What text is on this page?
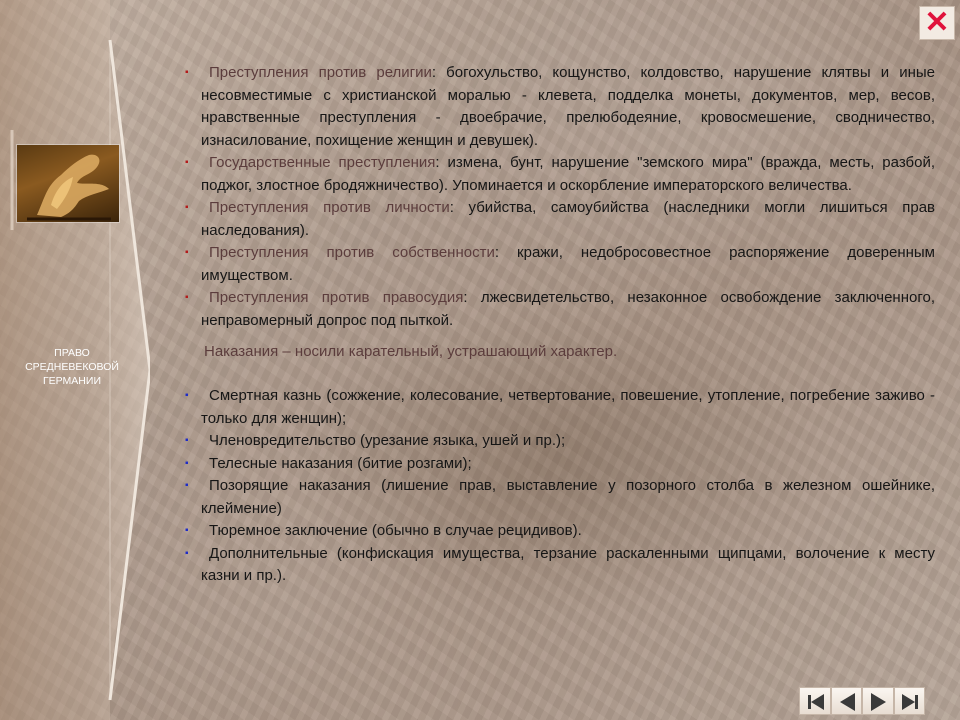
ПРАВО СРЕДНЕВЕКОВОЙ ГЕРМАНИИ
✕
▪ Преступления против религии: богохульство, кощунство, колдовство, нарушение клятвы и иные несовместимые с христианской моралью - клевета, подделка монеты, документов, мер, весов, нравственные преступления - двоебрачие, прелюбодеяние, кровосмешение, сводничество, изнасилование, похищение женщин и девушек).
▪ Государственные преступления: измена, бунт, нарушение "земского мира" (вражда, месть, разбой, поджог, злостное бродяжничество). Упоминается и оскорбление императорского величества.
▪ Преступления против личности: убийства, самоубийства (наследники могли лишиться прав наследования).
▪ Преступления против собственности: кражи, недобросовестное распоряжение доверенным имуществом.
▪ Преступления против правосудия: лжесвидетельство, незаконное освобождение заключенного, неправомерный допрос под пыткой.
Наказания – носили карательный, устрашающий характер.
▪ Смертная казнь (сожжение, колесование, четвертование, повешение, утопление, погребение заживо - только для женщин);
▪ Членовредительство (урезание языка, ушей и пр.);
▪ Телесные наказания (битие розгами);
▪ Позорящие наказания (лишение прав, выставление у позорного столба в железном ошейнике, клеймение)
▪ Тюремное заключение (обычно в случае рецидивов).
▪ Дополнительные (конфискация имущества, терзание раскаленными щипцами, волочение к месту казни и пр.).
